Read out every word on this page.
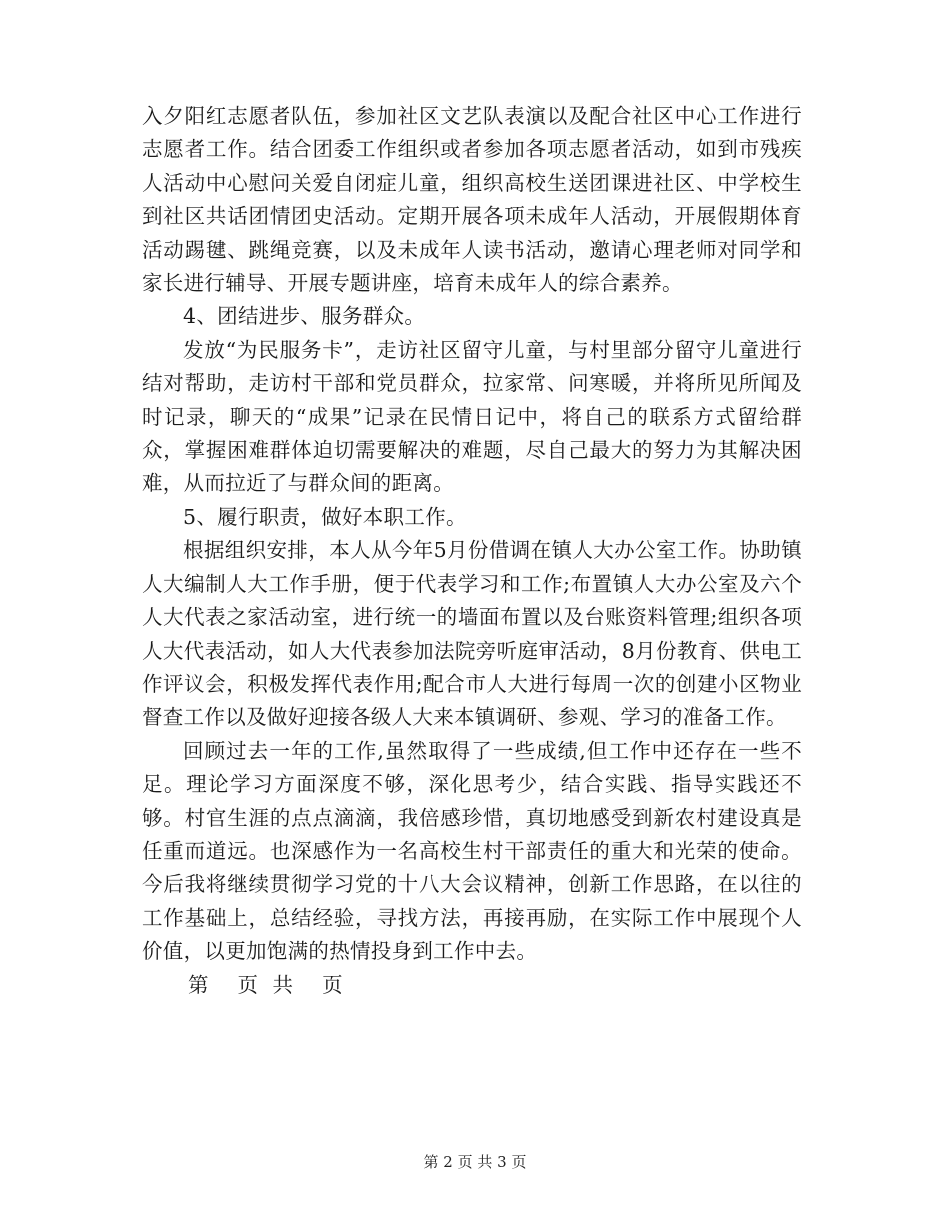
入夕阳红志愿者队伍，参加社区文艺队表演以及配合社区中心工作进行志愿者工作。结合团委工作组织或者参加各项志愿者活动，如到市残疾人活动中心慰问关爱自闭症儿童，组织高校生送团课进社区、中学校生到社区共话团情团史活动。定期开展各项未成年人活动，开展假期体育活动踢毽、跳绳竞赛，以及未成年人读书活动，邀请心理老师对同学和家长进行辅导、开展专题讲座，培育未成年人的综合素养。

4、团结进步、服务群众。

发放“为民服务卡”，走访社区留守儿童，与村里部分留守儿童进行结对帮助，走访村干部和党员群众，拉家常、问寒暖，并将所见所闻及时记录，聊天的“成果”记录在民情日记中，将自己的联系方式留给群众，掌握困难群体迫切需要解决的难题，尽自己最大的努力为其解决困难，从而拉近了与群众间的距离。

5、履行职责，做好本职工作。

根据组织安排，本人从今年5月份借调在镇人大办公室工作。协助镇人大编制人大工作手册，便于代表学习和工作;布置镇人大办公室及六个人大代表之家活动室，进行统一的墙面布置以及台账资料管理;组织各项人大代表活动，如人大代表参加法院旁听庭审活动，8月份教育、供电工作评议会，积极发挥代表作用;配合市人大进行每周一次的创建小区物业督查工作以及做好迎接各级人大来本镇调研、参观、学习的准备工作。

回顾过去一年的工作,虽然取得了一些成绩,但工作中还存在一些不足。理论学习方面深度不够，深化思考少，结合实践、指导实践还不够。村官生涯的点点滴滴，我倍感珍惜，真切地感受到新农村建设真是任重而道远。也深感作为一名高校生村干部责任的重大和光荣的使命。今后我将继续贯彻学习党的十八大会议精神，创新工作思路，在以往的工作基础上，总结经验，寻找方法，再接再励，在实际工作中展现个人价值，以更加饱满的热情投身到工作中去。

第  页 共  页

第 2 页 共 3 页
